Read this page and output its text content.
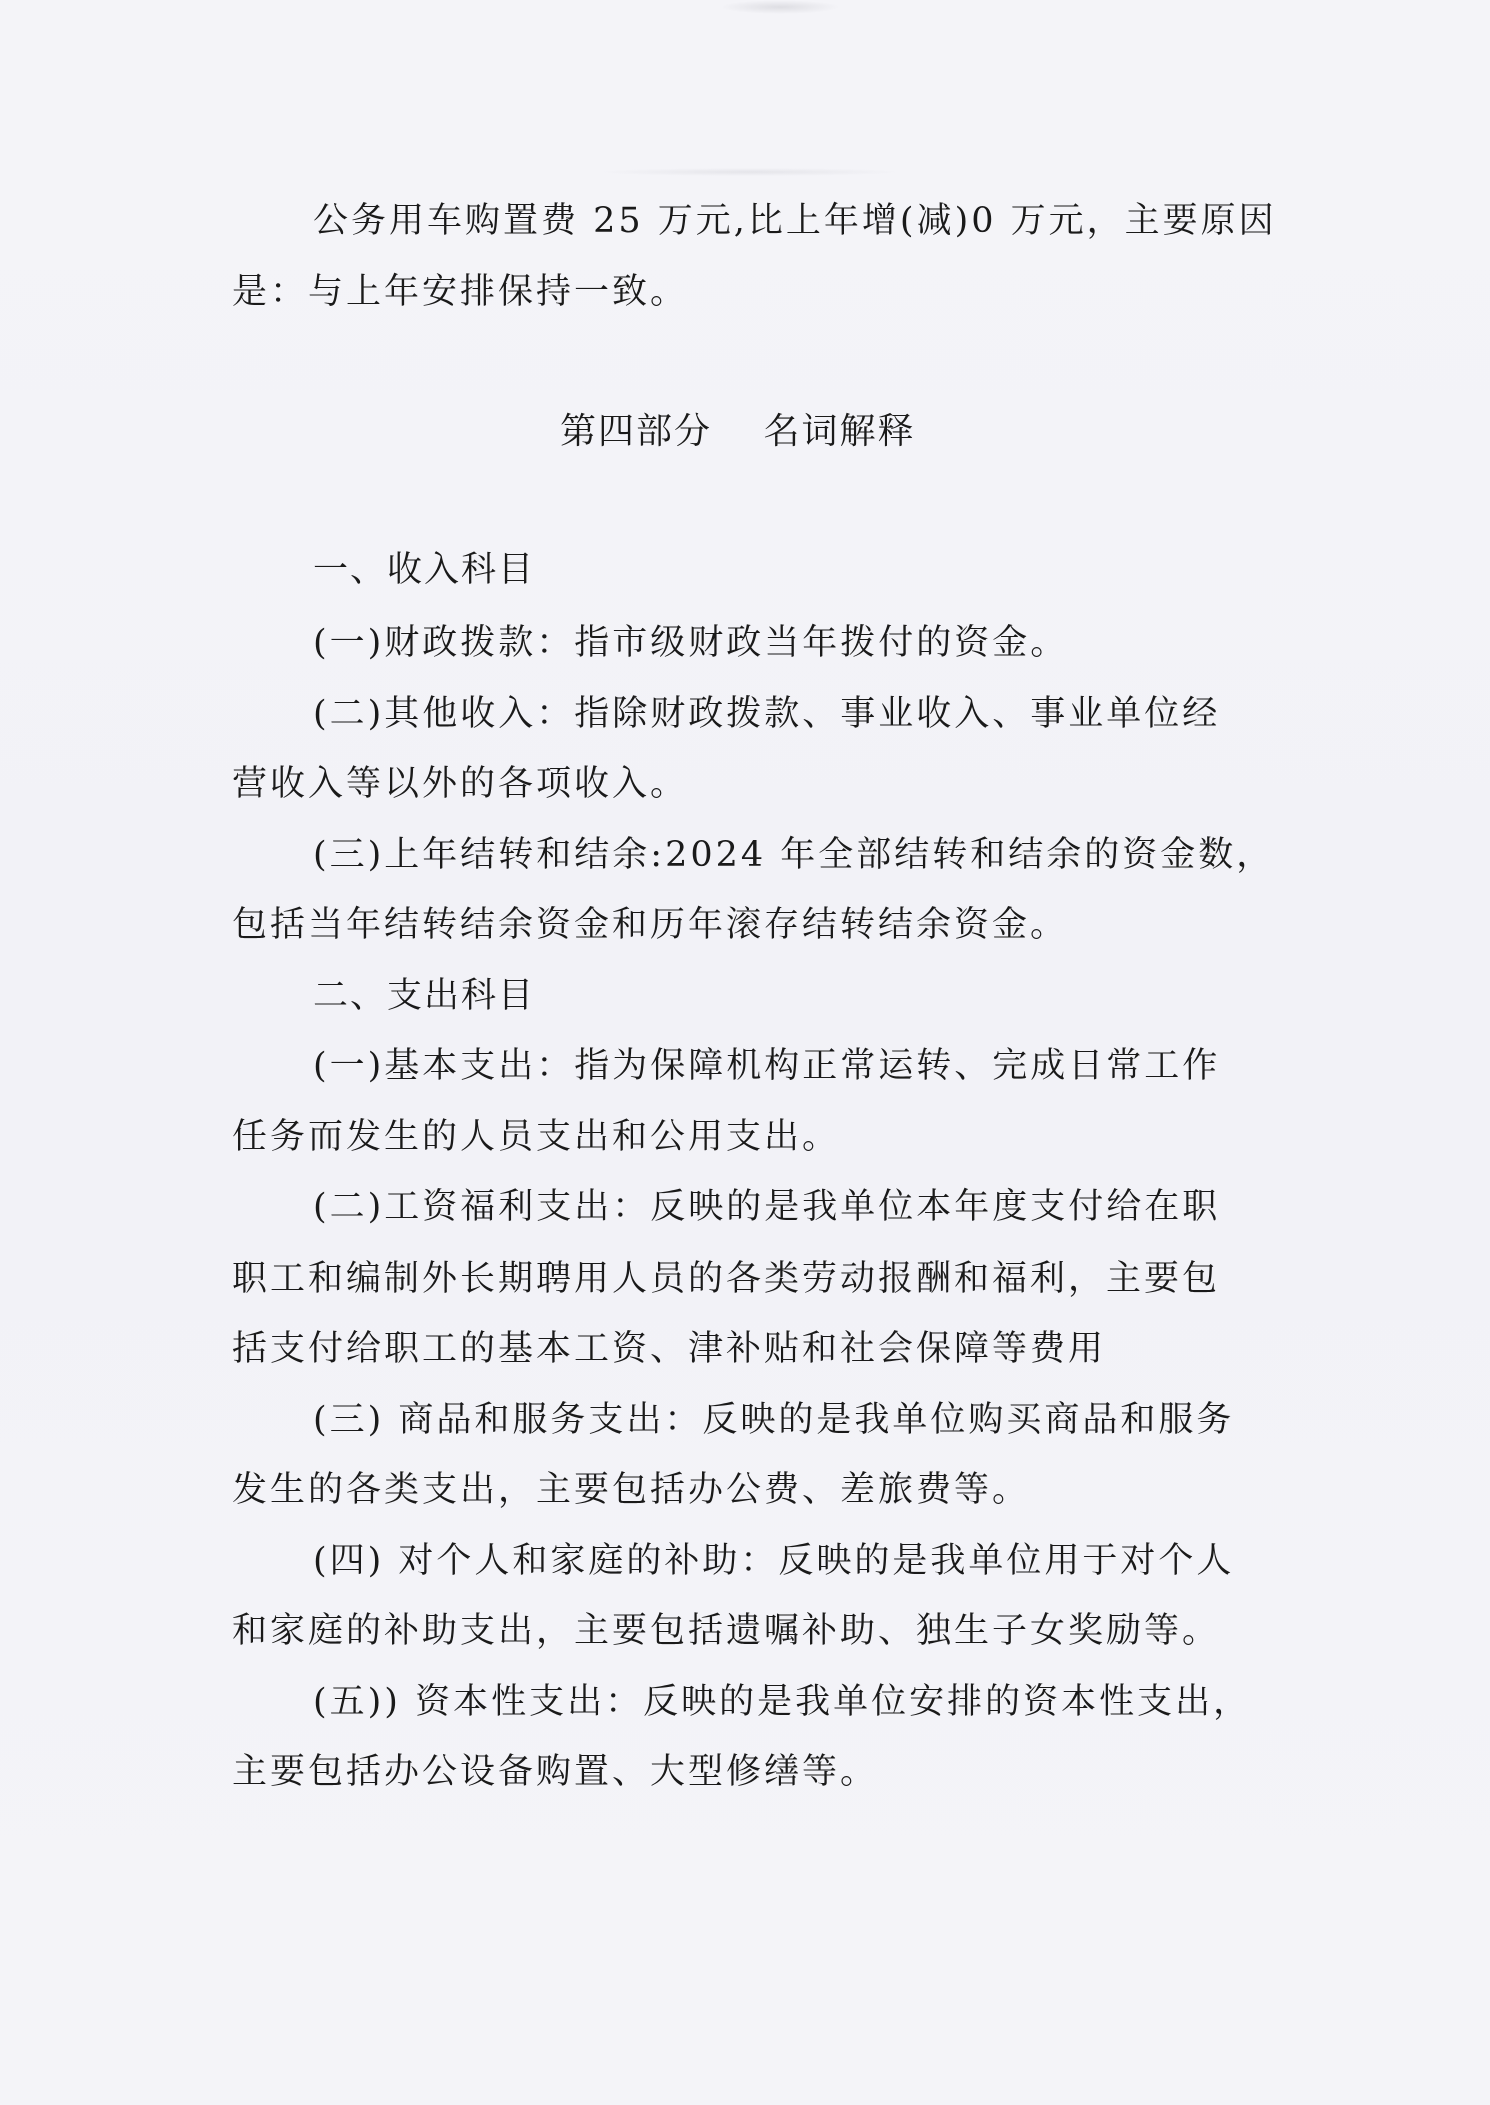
公务用车购置费 25 万元,比上年增(减)0 万元，主要原因
是：与上年安排保持一致。
第四部分　 名词解释
一、收入科目
(一)财政拨款：指市级财政当年拨付的资金。
(二)其他收入：指除财政拨款、事业收入、事业单位经
营收入等以外的各项收入。
(三)上年结转和结余:2024 年全部结转和结余的资金数，
包括当年结转结余资金和历年滚存结转结余资金。
二、支出科目
(一)基本支出：指为保障机构正常运转、完成日常工作
任务而发生的人员支出和公用支出。
(二)工资福利支出：反映的是我单位本年度支付给在职
职工和编制外长期聘用人员的各类劳动报酬和福利，主要包
括支付给职工的基本工资、津补贴和社会保障等费用
(三) 商品和服务支出：反映的是我单位购买商品和服务
发生的各类支出，主要包括办公费、差旅费等。
(四) 对个人和家庭的补助：反映的是我单位用于对个人
和家庭的补助支出，主要包括遗嘱补助、独生子女奖励等。
(五)) 资本性支出：反映的是我单位安排的资本性支出，
主要包括办公设备购置、大型修缮等。
